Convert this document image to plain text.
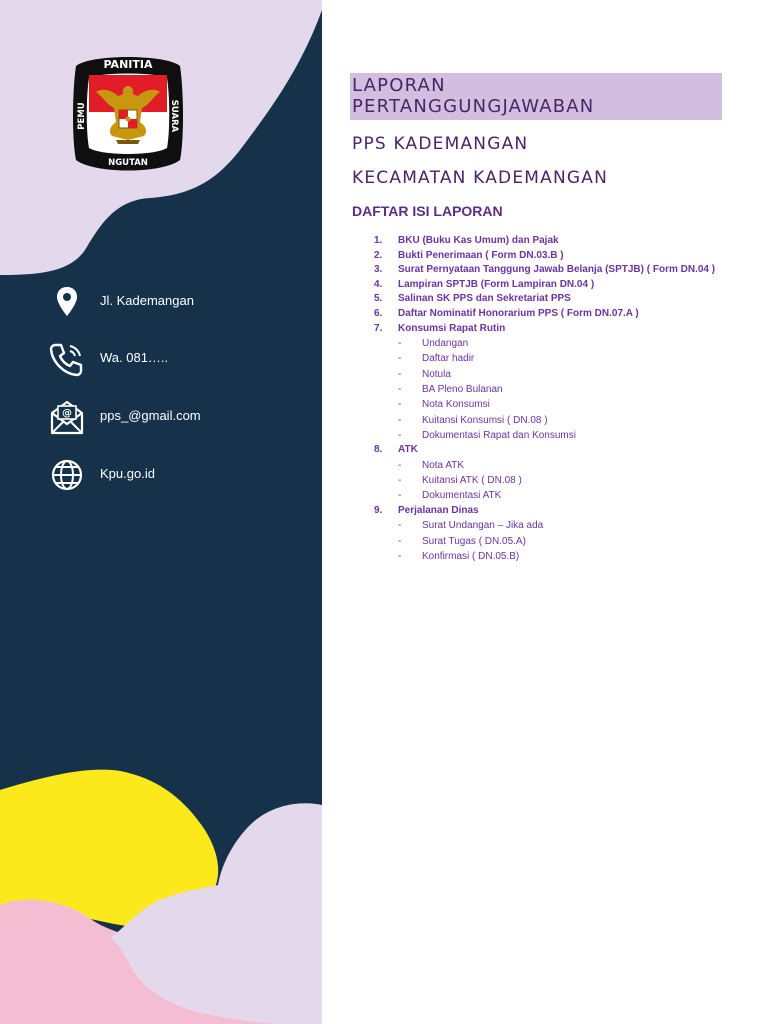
PANITIA
PEMU
NGUTAN
SUARA
Jl. Kademangan
Wa. 081…..
@ pps_@gmail.com
Kpu.go.id
LAPORAN
PERTANGGUNGJAWABAN
PPS KADEMANGAN
KECAMATAN KADEMANGAN
DAFTAR ISI LAPORAN
1. BKU (Buku Kas Umum) dan Pajak
2. Bukti Penerimaan ( Form DN.03.B )
3. Surat Pernyataan Tanggung Jawab Belanja (SPTJB) ( Form DN.04 )
4. Lampiran SPTJB (Form Lampiran DN.04 )
5. Salinan SK PPS dan Sekretariat PPS
6. Daftar Nominatif Honorarium PPS ( Form DN.07.A )
7. Konsumsi Rapat Rutin
- Undangan
- Daftar hadir
- Notula
- BA Pleno Bulanan
- Nota Konsumsi
- Kuitansi Konsumsi ( DN.08 )
- Dokumentasi Rapat dan Konsumsi
8. ATK
- Nota ATK
- Kuitansi ATK ( DN.08 )
- Dokumentasi ATK
9. Perjalanan Dinas
- Surat Undangan – Jika ada
- Surat Tugas ( DN.05.A)
- Konfirmasi ( DN.05.B)
